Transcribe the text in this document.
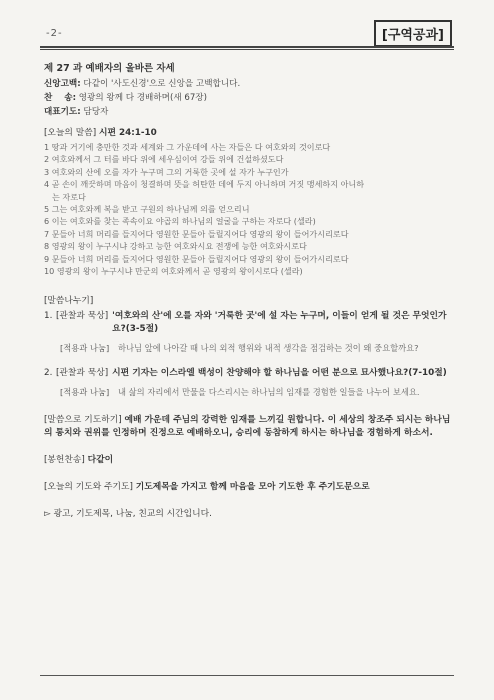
-2-	[구역공과]
제 27 과 예배자의 올바른 자세
신앙고백: 다같이 '사도신경'으로 신앙을 고백합니다.
찬    송: 영광의 왕께 다 경배하며(새 67장)
대표기도: 담당자
[오늘의 말씀] 시편 24:1-10
1 땅과 거기에 충만한 것과 세계와 그 가운데에 사는 자들은 다 여호와의 것이로다
2 여호와께서 그 터를 바다 위에 세우심이여 강들 위에 건설하셨도다
3 여호와의 산에 오를 자가 누구며 그의 거룩한 곳에 설 자가 누구인가
4 곧 손이 깨끗하며 마음이 청결하며 뜻을 허탄한 데에 두지 아니하며 거짓 맹세하지 아니하
는 자로다
5 그는 여호와께 복을 받고 구원의 하나님께 의를 얻으리니
6 이는 여호와를 찾는 족속이요 야곱의 하나님의 얼굴을 구하는 자로다 (셀라)
7 문들아 너희 머리를 들지어다 영원한 문들아 들릴지어다 영광의 왕이 들어가시리로다
8 영광의 왕이 누구시냐 강하고 능한 여호와시요 전쟁에 능한 여호와시로다
9 문들아 너희 머리를 들지어다 영원한 문들아 들릴지어다 영광의 왕이 들어가시리로다
10 영광의 왕이 누구시냐 만군의 여호와께서 곧 영광의 왕이시로다 (셀라)
[말씀나누기]
1. [관찰과 묵상] '여호와의 산'에 오를 자와 '거룩한 곳'에 설 자는 누구며, 이들이 얻게 될 것은 무엇인가요?(3-5절)
[적용과 나눔]	하나님 앞에 나아갈 때 나의 외적 행위와 내적 생각을 점검하는 것이 왜 중요할까요?
2. [관찰과 묵상] 시편 기자는 이스라엘 백성이 찬양해야 할 하나님을 어떤 분으로 묘사했나요?(7-10절)
[적용과 나눔]	내 삶의 자리에서 만물을 다스리시는 하나님의 임재를 경험한 일들을 나누어 보세요.
[말씀으로 기도하기] 예배 가운데 주님의 강력한 임재를 느끼길 원합니다. 이 세상의 창조주 되시는 하나님의 통치와 권위를 인정하며 진정으로 예배하오니, 승리에 동참하게 하시는 하나님을 경험하게 하소서.
[봉헌찬송] 다같이
[오늘의 기도와 주기도] 기도제목을 가지고 함께 마음을 모아 기도한 후 주기도문으로
▻ 광고, 기도제목, 나눔, 친교의 시간입니다.
